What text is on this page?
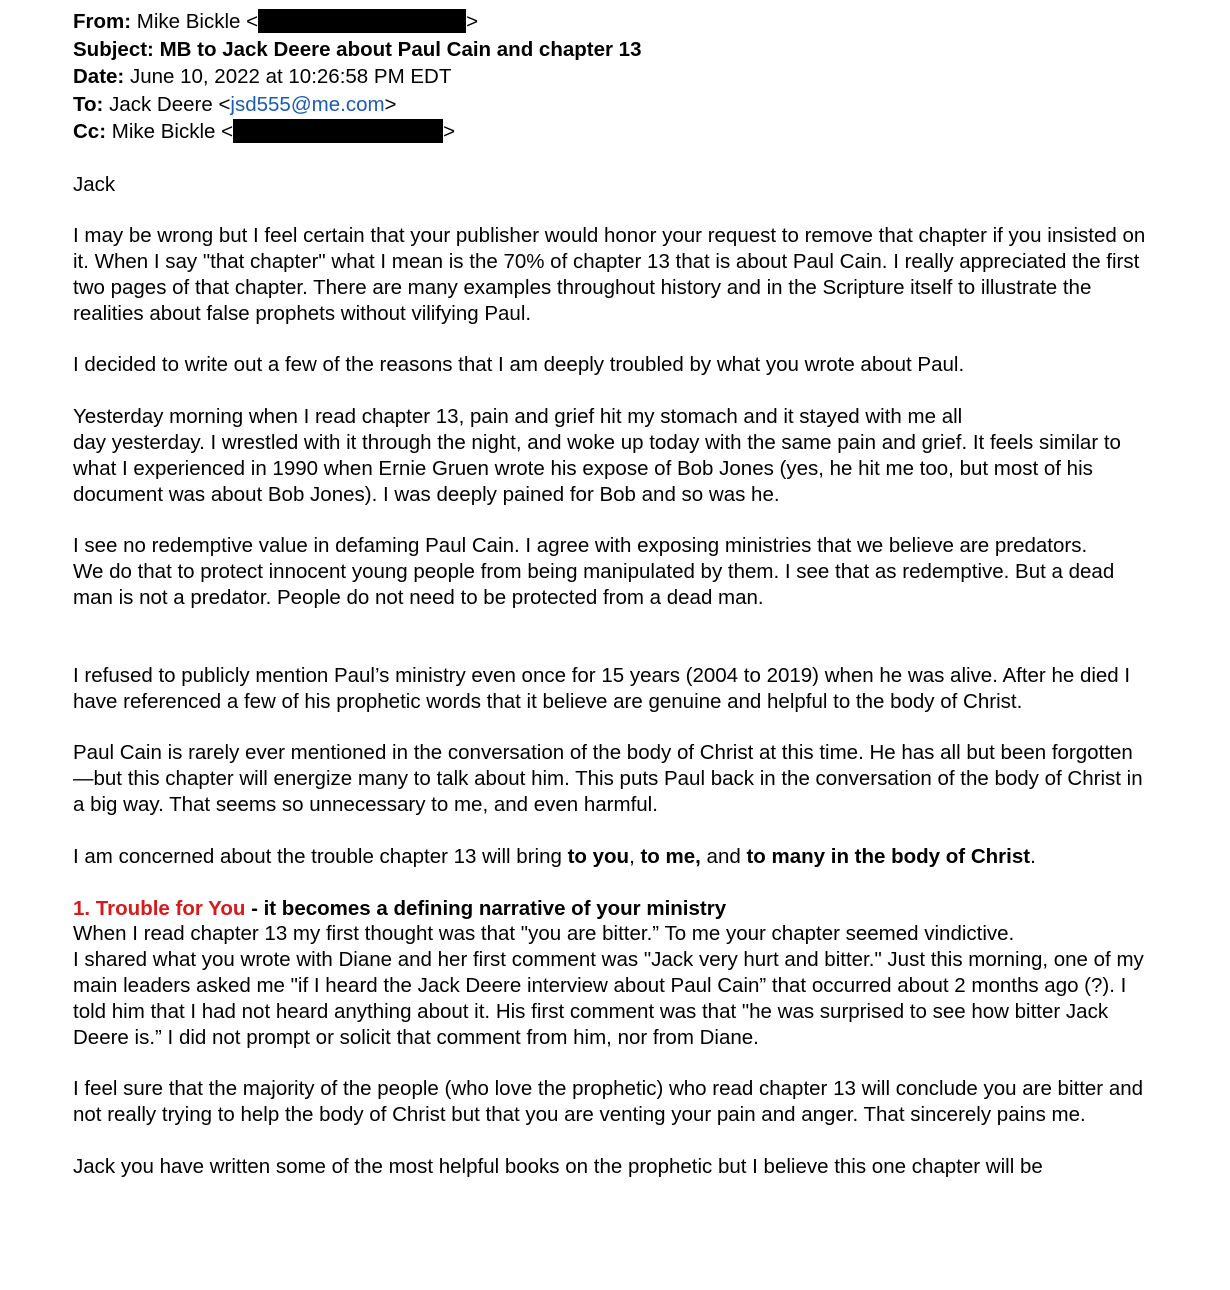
From: Mike Bickle <	>
Subject: MB to Jack Deere about Paul Cain and chapter 13
Date: June 10, 2022 at 10:26:58 PM EDT
To: Jack Deere <jsd555@me.com>
Cc: Mike Bickle <	>

Jack

I may be wrong but I feel certain that your publisher would honor your request to remove that chapter if you insisted on it. When I say "that chapter" what I mean is the 70% of chapter 13 that is about Paul Cain. I really appreciated the first two pages of that chapter. There are many examples throughout history and in the Scripture itself to illustrate the realities about false prophets without vilifying Paul.

I decided to write out a few of the reasons that I am deeply troubled by what you wrote about Paul.

Yesterday morning when I read chapter 13, pain and grief hit my stomach and it stayed with me all
day yesterday. I wrestled with it through the night, and woke up today with the same pain and grief. It feels similar to what I experienced in 1990 when Ernie Gruen wrote his expose of Bob Jones (yes, he hit me too, but most of his document was about Bob Jones). I was deeply pained for Bob and so was he.

I see no redemptive value in defaming Paul Cain. I agree with exposing ministries that we believe are predators.

We do that to protect innocent young people from being manipulated by them. I see that as redemptive. But a dead man is not a predator. People do not need to be protected from a dead man.

I refused to publicly mention Paul’s ministry even once for 15 years (2004 to 2019) when he was alive. After he died I have referenced a few of his prophetic words that it believe are genuine and helpful to the body of Christ.

Paul Cain is rarely ever mentioned in the conversation of the body of Christ at this time. He has all but been forgotten—but this chapter will energize many to talk about him. This puts Paul back in the conversation of the body of Christ in a big way. That seems so unnecessary to me, and even harmful.

I am concerned about the trouble chapter 13 will bring to you, to me, and to many in the body of Christ.

1. Trouble for You - it becomes a defining narrative of your ministry
When I read chapter 13 my first thought was that "you are bitter.” To me your chapter seemed vindictive.
I shared what you wrote with Diane and her first comment was "Jack very hurt and bitter." Just this morning, one of my main leaders asked me "if I heard the Jack Deere interview about Paul Cain” that occurred about 2 months ago (?). I told him that I had not heard anything about it. His first comment was that "he was surprised to see how bitter Jack Deere is.” I did not prompt or solicit that comment from him, nor from Diane.

I feel sure that the majority of the people (who love the prophetic) who read chapter 13 will conclude you are bitter and not really trying to help the body of Christ but that you are venting your pain and anger. That sincerely pains me.

Jack you have written some of the most helpful books on the prophetic but I believe this one chapter will be
